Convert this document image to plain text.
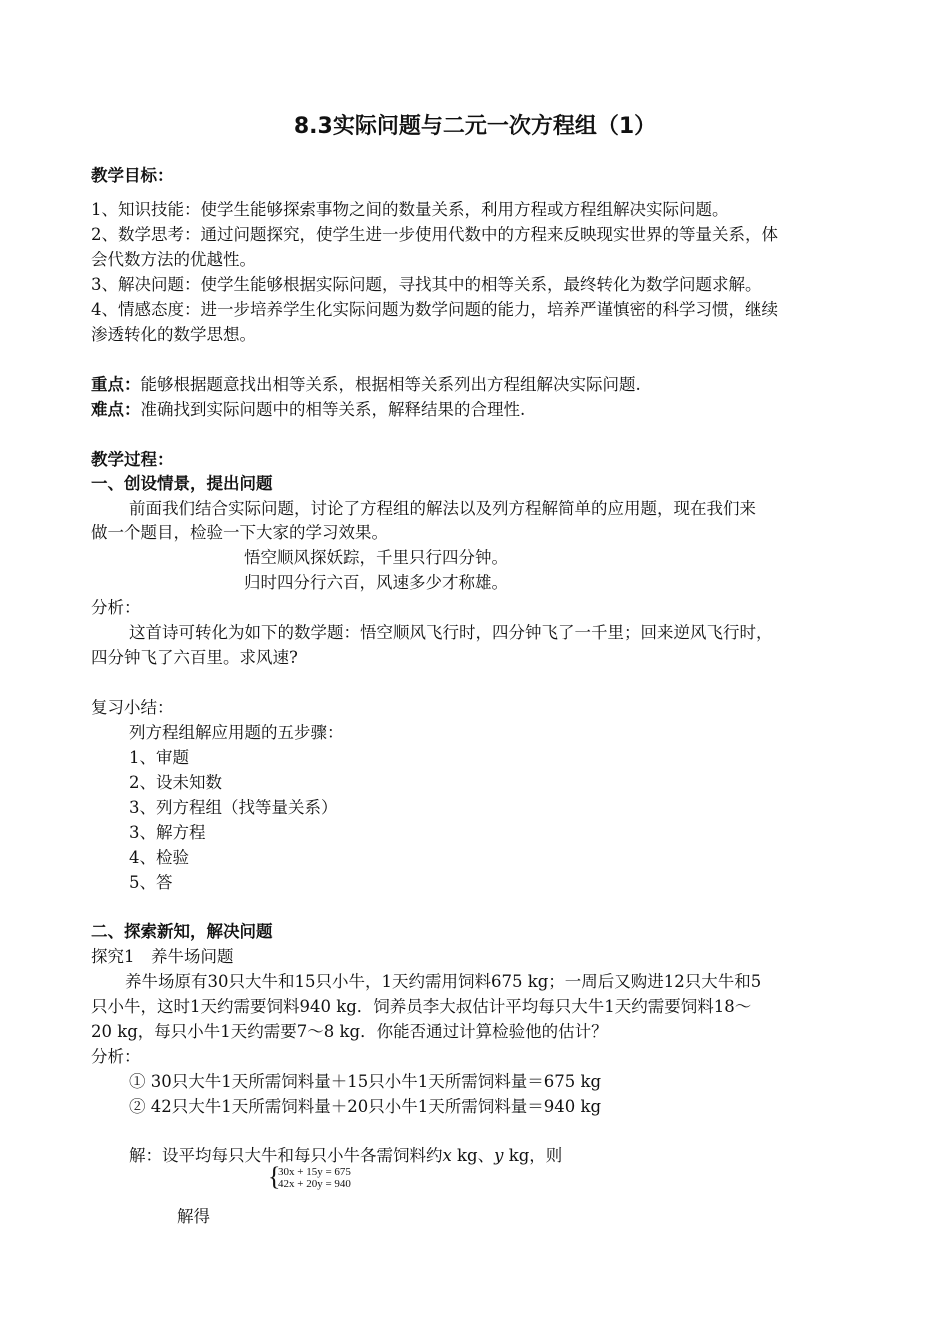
8.3实际问题与二元一次方程组（1）
教学目标：
1、知识技能：使学生能够探索事物之间的数量关系，利用方程或方程组解决实际问题。
2、数学思考：通过问题探究，使学生进一步使用代数中的方程来反映现实世界的等量关系，体
会代数方法的优越性。
3、解决问题：使学生能够根据实际问题，寻找其中的相等关系，最终转化为数学问题求解。
4、情感态度：进一步培养学生化实际问题为数学问题的能力，培养严谨慎密的科学习惯，继续
渗透转化的数学思想。
重点：能够根据题意找出相等关系，根据相等关系列出方程组解决实际问题.
难点：准确找到实际问题中的相等关系，解释结果的合理性.
教学过程：
一、创设情景，提出问题
前面我们结合实际问题，讨论了方程组的解法以及列方程解简单的应用题，现在我们来
做一个题目，检验一下大家的学习效果。
悟空顺风探妖踪，千里只行四分钟。
归时四分行六百，风速多少才称雄。
分析：
这首诗可转化为如下的数学题：悟空顺风飞行时，四分钟飞了一千里；回来逆风飞行时，
四分钟飞了六百里。求风速?
复习小结：
列方程组解应用题的五步骤：
1、审题
2、设未知数
3、列方程组（找等量关系）
3、解方程
4、检验
5、答
二、探索新知，解决问题
探究1　养牛场问题
养牛场原有30只大牛和15只小牛，1天约需用饲料675 kg；一周后又购进12只大牛和5
只小牛，这时1天约需要饲料940 kg．饲养员李大叔估计平均每只大牛1天约需要饲料18～
20 kg，每只小牛1天约需要7～8 kg．你能否通过计算检验他的估计？
分析：
① 30只大牛1天所需饲料量＋15只小牛1天所需饲料量＝675 kg
② 42只大牛1天所需饲料量＋20只小牛1天所需饲料量＝940 kg
解：设平均每只大牛和每只小牛各需饲料约x kg、y kg，则
{
30x + 15y = 675
42x + 20y = 940
解得
